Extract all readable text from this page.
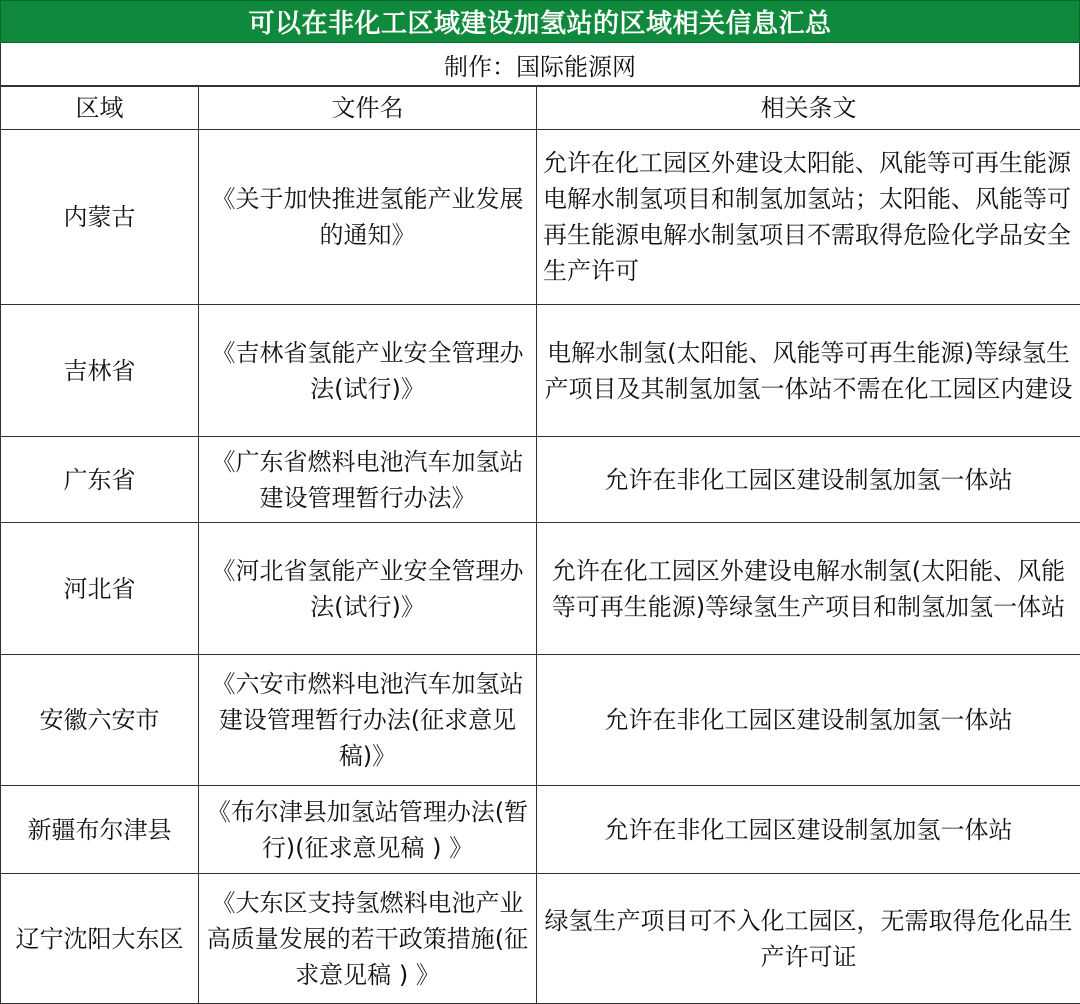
可以在非化工区域建设加氢站的区域相关信息汇总
制作：国际能源网
区域	文件名	相关条文
内蒙古	《关于加快推进氢能产业发展的通知》	允许在化工园区外建设太阳能、风能等可再生能源电解水制氢项目和制氢加氢站；太阳能、风能等可再生能源电解水制氢项目不需取得危险化学品安全生产许可
吉林省	《吉林省氢能产业安全管理办法(试行)》	电解水制氢(太阳能、风能等可再生能源)等绿氢生产项目及其制氢加氢一体站不需在化工园区内建设
广东省	《广东省燃料电池汽车加氢站建设管理暂行办法》	允许在非化工园区建设制氢加氢一体站
河北省	《河北省氢能产业安全管理办法(试行)》	允许在化工园区外建设电解水制氢(太阳能、风能等可再生能源)等绿氢生产项目和制氢加氢一体站
安徽六安市	《六安市燃料电池汽车加氢站建设管理暂行办法(征求意见稿)》	允许在非化工园区建设制氢加氢一体站
新疆布尔津县	《布尔津县加氢站管理办法(暂行)(征求意见稿 ) 》	允许在非化工园区建设制氢加氢一体站
辽宁沈阳大东区	《大东区支持氢燃料电池产业高质量发展的若干政策措施(征求意见稿 ) 》	绿氢生产项目可不入化工园区，无需取得危化品生产许可证
